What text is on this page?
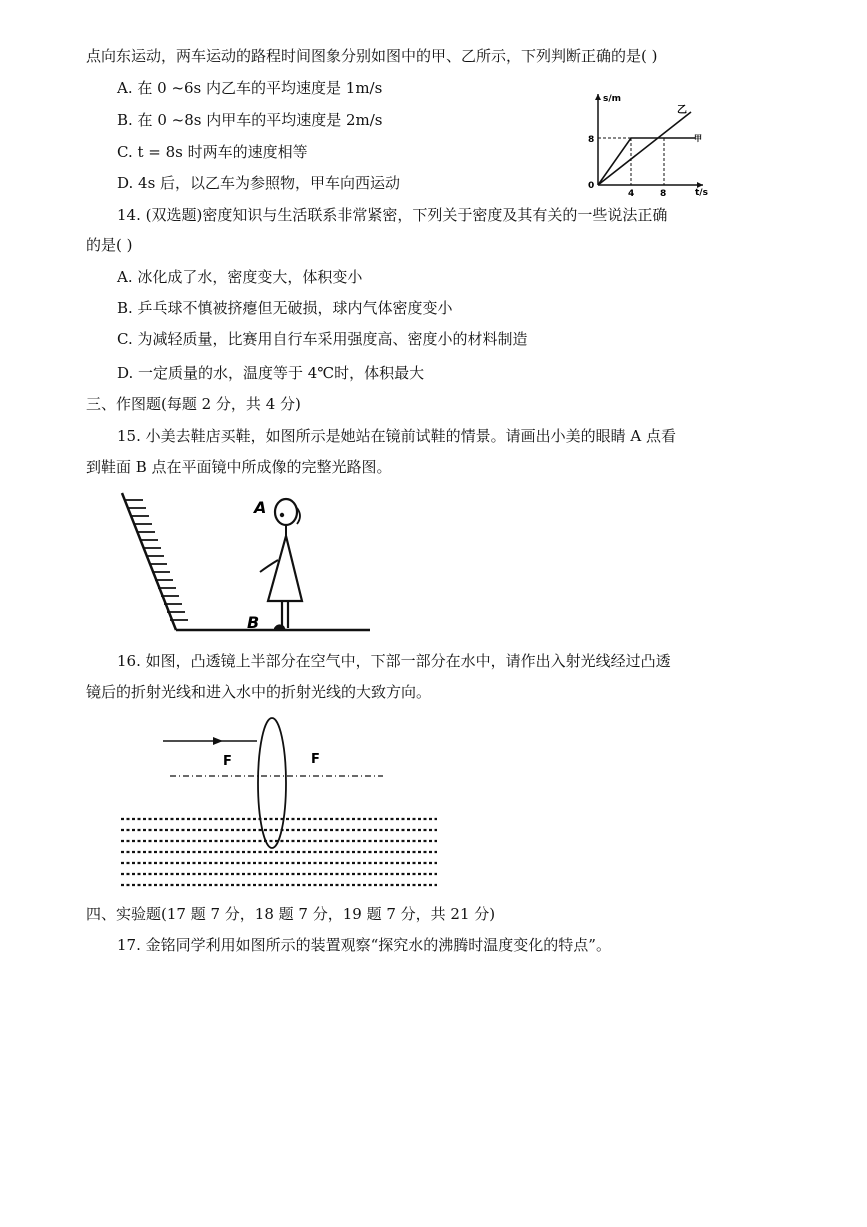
点向东运动，两车运动的路程时间图象分别如图中的甲、乙所示，下列判断正确的是( )
A. 在 0 ~6s 内乙车的平均速度是 1m/s
B. 在 0 ~8s 内甲车的平均速度是 2m/s
C. t = 8s 时两车的速度相等
D. 4s 后，以乙车为参照物，甲车向西运动
s/m
t/s
0
8
4	8
乙
甲
14. (双选题)密度知识与生活联系非常紧密，下列关于密度及其有关的一些说法正确
的是( )
A. 冰化成了水，密度变大，体积变小
B. 乒乓球不慎被挤瘪但无破损，球内气体密度变小
C. 为减轻质量，比赛用自行车采用强度高、密度小的材料制造
D. 一定质量的水，温度等于 4℃时，体积最大
三、作图题(每题 2 分，共 4 分)
15. 小美去鞋店买鞋，如图所示是她站在镜前试鞋的情景。请画出小美的眼睛 A 点看
到鞋面 B 点在平面镜中所成像的完整光路图。
A
B
16. 如图，凸透镜上半部分在空气中，下部一部分在水中，请作出入射光线经过凸透
镜后的折射光线和进入水中的折射光线的大致方向。
F	F
四、实验题(17 题 7 分，18 题 7 分，19 题 7 分，共 21 分)
17. 金铭同学利用如图所示的装置观察“探究水的沸腾时温度变化的特点”。
